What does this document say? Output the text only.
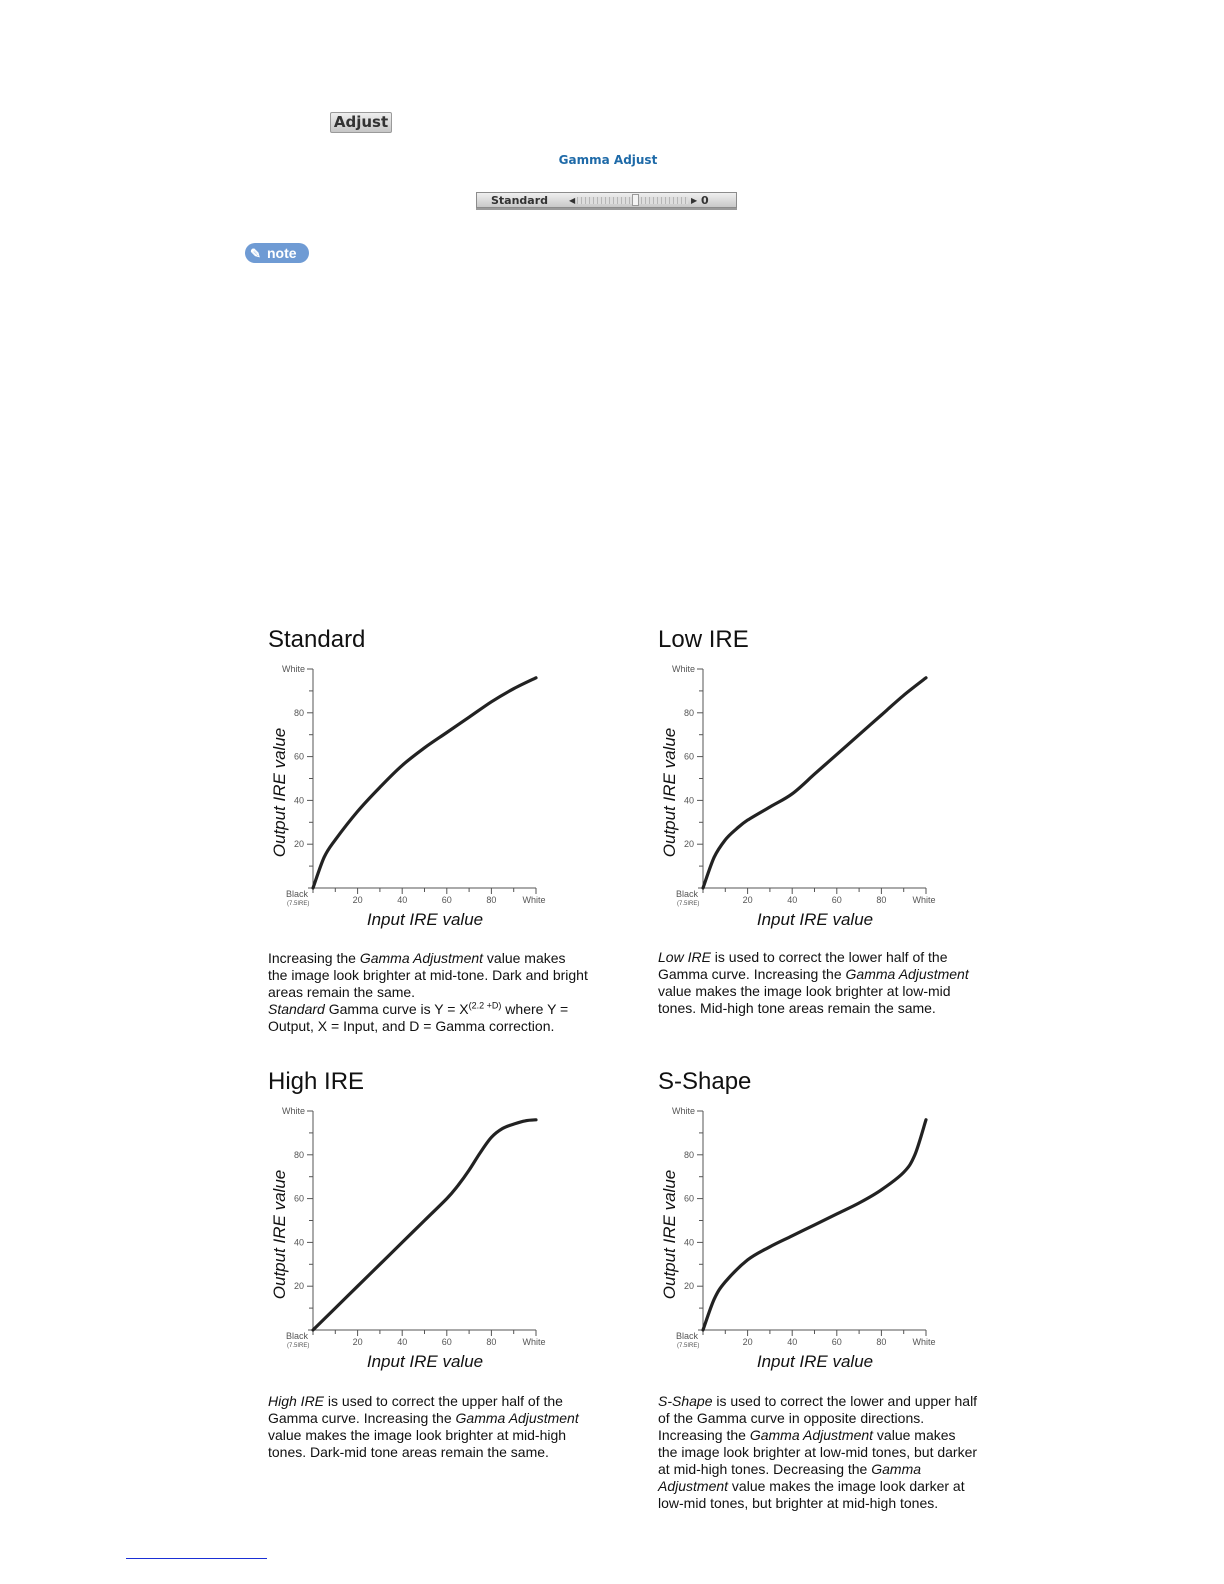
Adjust
Gamma Adjust
Standard	◀	▶ 0
✎ note
Standard
20
20
40
40
60
60
80
80
White
White
Black
(7.5IRE)
Input IRE value
Output IRE value

Increasing the Gamma Adjustment value makes the image look brighter at mid-tone. Dark and bright areas remain the same.
Standard Gamma curve is $Y = X^{(2.2 +D)}$ where Y = Output, X = Input, and D = Gamma correction.

Low IRE
20
20
40
40
60
60
80
80
White
White
Black
(7.5IRE)
Input IRE value
Output IRE value

Low IRE is used to correct the lower half of the Gamma curve. Increasing the Gamma Adjustment value makes the image look brighter at low-mid tones. Mid-high tone areas remain the same.

High IRE
20
20
40
40
60
60
80
80
White
White
Black
(7.5IRE)
Input IRE value
Output IRE value

High IRE is used to correct the upper half of the Gamma curve. Increasing the Gamma Adjustment value makes the image look brighter at mid-high tones. Dark-mid tone areas remain the same.

S-Shape
20
20
40
40
60
60
80
80
White
White
Black
(7.5IRE)
Input IRE value
Output IRE value

S-Shape is used to correct the lower and upper half of the Gamma curve in opposite directions. Increasing the Gamma Adjustment value makes the image look brighter at low-mid tones, but darker at mid-high tones. Decreasing the Gamma Adjustment value makes the image look darker at low-mid tones, but brighter at mid-high tones.
